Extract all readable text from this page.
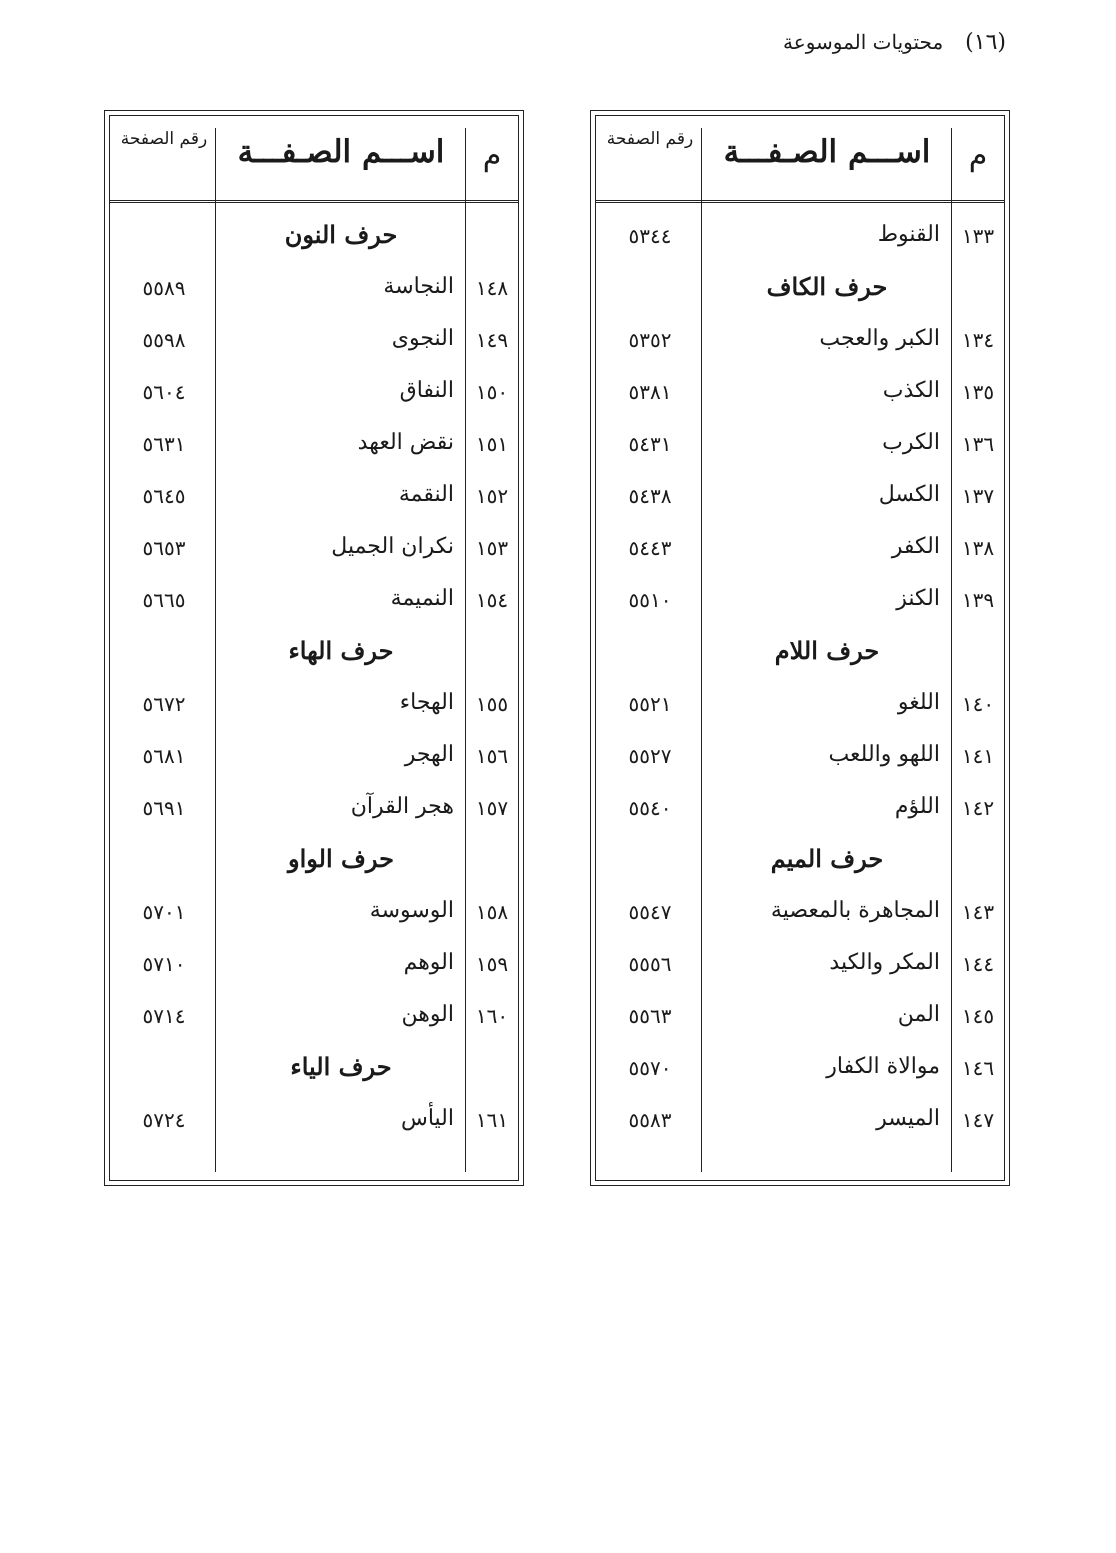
(١٦)
محتويات الموسوعة
م
اســـم الصـفـــة
رقم الصفحة
١٣٣
القنوط
٥٣٤٤
حرف الكاف
١٣٤
الكبر والعجب
٥٣٥٢
١٣٥
الكذب
٥٣٨١
١٣٦
الكرب
٥٤٣١
١٣٧
الكسل
٥٤٣٨
١٣٨
الكفر
٥٤٤٣
١٣٩
الكنز
٥٥١٠
حرف اللام
١٤٠
اللغو
٥٥٢١
١٤١
اللهو واللعب
٥٥٢٧
١٤٢
اللؤم
٥٥٤٠
حرف الميم
١٤٣
المجاهرة بالمعصية
٥٥٤٧
١٤٤
المكر والكيد
٥٥٥٦
١٤٥
المن
٥٥٦٣
١٤٦
موالاة الكفار
٥٥٧٠
١٤٧
الميسر
٥٥٨٣
م
اســـم الصـفـــة
رقم الصفحة
حرف النون
١٤٨
النجاسة
٥٥٨٩
١٤٩
النجوى
٥٥٩٨
١٥٠
النفاق
٥٦٠٤
١٥١
نقض العهد
٥٦٣١
١٥٢
النقمة
٥٦٤٥
١٥٣
نكران الجميل
٥٦٥٣
١٥٤
النميمة
٥٦٦٥
حرف الهاء
١٥٥
الهجاء
٥٦٧٢
١٥٦
الهجر
٥٦٨١
١٥٧
هجر القرآن
٥٦٩١
حرف الواو
١٥٨
الوسوسة
٥٧٠١
١٥٩
الوهم
٥٧١٠
١٦٠
الوهن
٥٧١٤
حرف الياء
١٦١
اليأس
٥٧٢٤
